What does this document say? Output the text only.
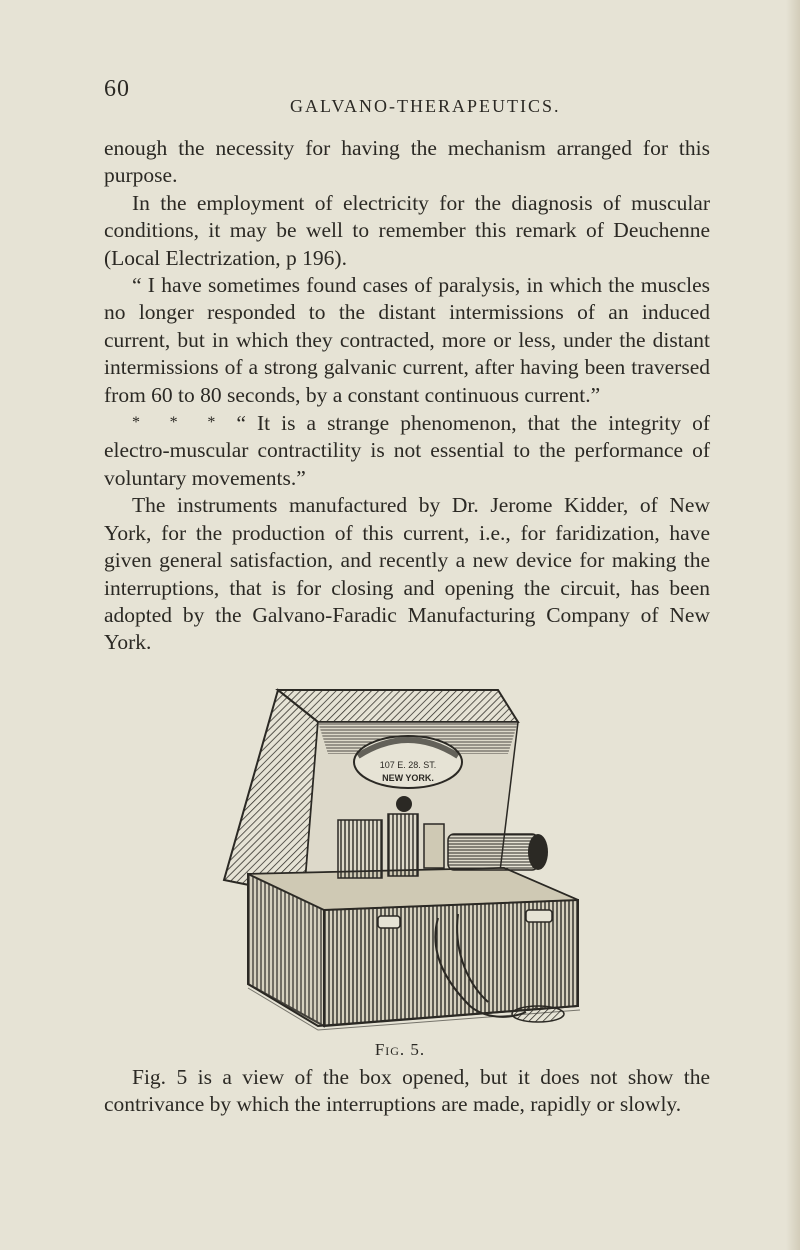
60
GALVANO-THERAPEUTICS.

enough the necessity for having the mechanism arranged for this purpose.

In the employment of electricity for the diagnosis of muscular conditions, it may be well to remember this remark of Deuchenne (Local Electrization, p 196).

“ I have sometimes found cases of paralysis, in which the muscles no longer responded to the distant intermissions of an induced current, but in which they contracted, more or less, under the distant intermissions of a strong galvanic current, after having been traversed from 60 to 80 seconds, by a constant continuous current.”

* * * “ It is a strange phenomenon, that the integrity of electro-muscular contractility is not essential to the performance of voluntary movements.”

The instruments manufactured by Dr. Jerome Kidder, of New York, for the production of this current, i.e., for faridization, have given general satisfaction, and recently a new device for making the interruptions, that is for closing and opening the circuit, has been adopted by the Galvano-Faradic Manufacturing Company of New York.

107 E. 28. ST.
NEW YORK.
Fig. 5.

Fig. 5 is a view of the box opened, but it does not show the contrivance by which the interruptions are made, rapidly or slowly.
